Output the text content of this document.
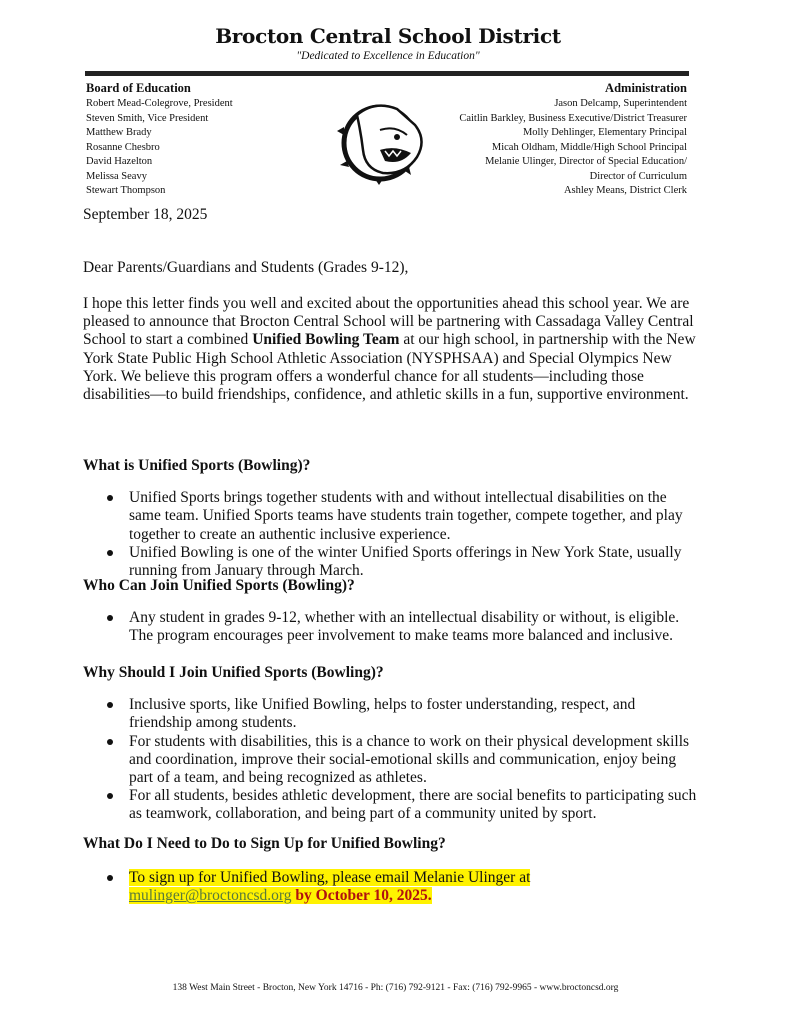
Brocton Central School District
"Dedicated to Excellence in Education"
Board of Education
Robert Mead-Colegrove, President
Steven Smith, Vice President
Matthew Brady
Rosanne Chesbro
David Hazelton
Melissa Seavy
Stewart Thompson
Administration
Jason Delcamp, Superintendent
Caitlin Barkley, Business Executive/District Treasurer
Molly Dehlinger, Elementary Principal
Micah Oldham, Middle/High School Principal
Melanie Ulinger, Director of Special Education/
Director of Curriculum
Ashley Means, District Clerk
September 18, 2025
Dear Parents/Guardians and Students (Grades 9-12),
I hope this letter finds you well and excited about the opportunities ahead this school year. We are pleased to announce that Brocton Central School will be partnering with Cassadaga Valley Central School to start a combined Unified Bowling Team at our high school, in partnership with the New York State Public High School Athletic Association (NYSPHSAA) and Special Olympics New York. We believe this program offers a wonderful chance for all students—including those disabilities—to build friendships, confidence, and athletic skills in a fun, supportive environment.
What is Unified Sports (Bowling)?
Unified Sports brings together students with and without intellectual disabilities on the same team. Unified Sports teams have students train together, compete together, and play together to create an authentic inclusive experience.
Unified Bowling is one of the winter Unified Sports offerings in New York State, usually running from January through March.
Who Can Join Unified Sports (Bowling)?
Any student in grades 9-12, whether with an intellectual disability or without, is eligible. The program encourages peer involvement to make teams more balanced and inclusive.
Why Should I Join Unified Sports (Bowling)?
Inclusive sports, like Unified Bowling, helps to foster understanding, respect, and friendship among students.
For students with disabilities, this is a chance to work on their physical development skills and coordination, improve their social-emotional skills and communication, enjoy being part of a team, and being recognized as athletes.
For all students, besides athletic development, there are social benefits to participating such as teamwork, collaboration, and being part of a community united by sport.
What Do I Need to Do to Sign Up for Unified Bowling?
To sign up for Unified Bowling, please email Melanie Ulinger at
mulinger@broctoncsd.org by October 10, 2025.
138 West Main Street - Brocton, New York 14716 - Ph: (716) 792-9121 - Fax: (716) 792-9965 - www.broctoncsd.org
